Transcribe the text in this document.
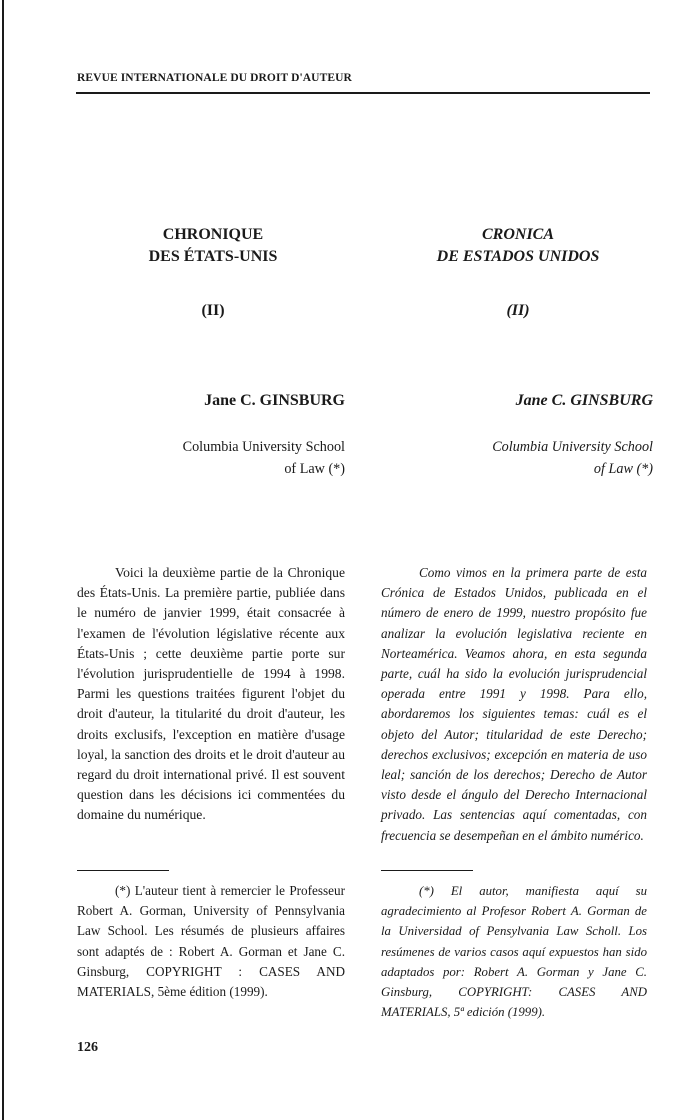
REVUE INTERNATIONALE DU DROIT D'AUTEUR
CHRONIQUE
DES ÉTATS-UNIS
(II)
Jane C. GINSBURG
Columbia University School
of Law (*)

Voici la deuxième partie de la Chronique des États-Unis. La première partie, publiée dans le numéro de janvier 1999, était consacrée à l'examen de l'évolution législative récente aux États-Unis ; cette deuxième partie porte sur l'évolution jurisprudentielle de 1994 à 1998. Parmi les questions traitées figurent l'objet du droit d'auteur, la titularité du droit d'auteur, les droits exclusifs, l'exception en matière d'usage loyal, la sanction des droits et le droit d'auteur au regard du droit international privé. Il est souvent question dans les décisions ici commentées du domaine du numérique.

(*) L'auteur tient à remercier le Professeur Robert A. Gorman, University of Pennsylvania Law School. Les résumés de plusieurs affaires sont adaptés de : Robert A. Gorman et Jane C. Ginsburg, COPYRIGHT : CASES AND MATERIALS, 5ème édition (1999).

CRONICA
DE ESTADOS UNIDOS
(II)
Jane C. GINSBURG
Columbia University School
of Law (*)

Como vimos en la primera parte de esta Crónica de Estados Unidos, publicada en el número de enero de 1999, nuestro propósito fue analizar la evolución legislativa reciente en Norteamérica. Veamos ahora, en esta segunda parte, cuál ha sido la evolución jurisprudencial operada entre 1991 y 1998. Para ello, abordaremos los siguientes temas: cuál es el objeto del Autor; titularidad de este Derecho; derechos exclusivos; excepción en materia de uso leal; sanción de los derechos; Derecho de Autor visto desde el ángulo del Derecho Internacional privado. Las sentencias aquí comentadas, con frecuencia se desempeñan en el ámbito numérico.

(*) El autor, manifiesta aquí su agradecimiento al Profesor Robert A. Gorman de la Universidad of Pensylvania Law Scholl. Los resúmenes de varios casos aquí expuestos han sido adaptados por: Robert A. Gorman y Jane C. Ginsburg, COPYRIGHT: CASES AND MATERIALS, 5ª edición (1999).

126
